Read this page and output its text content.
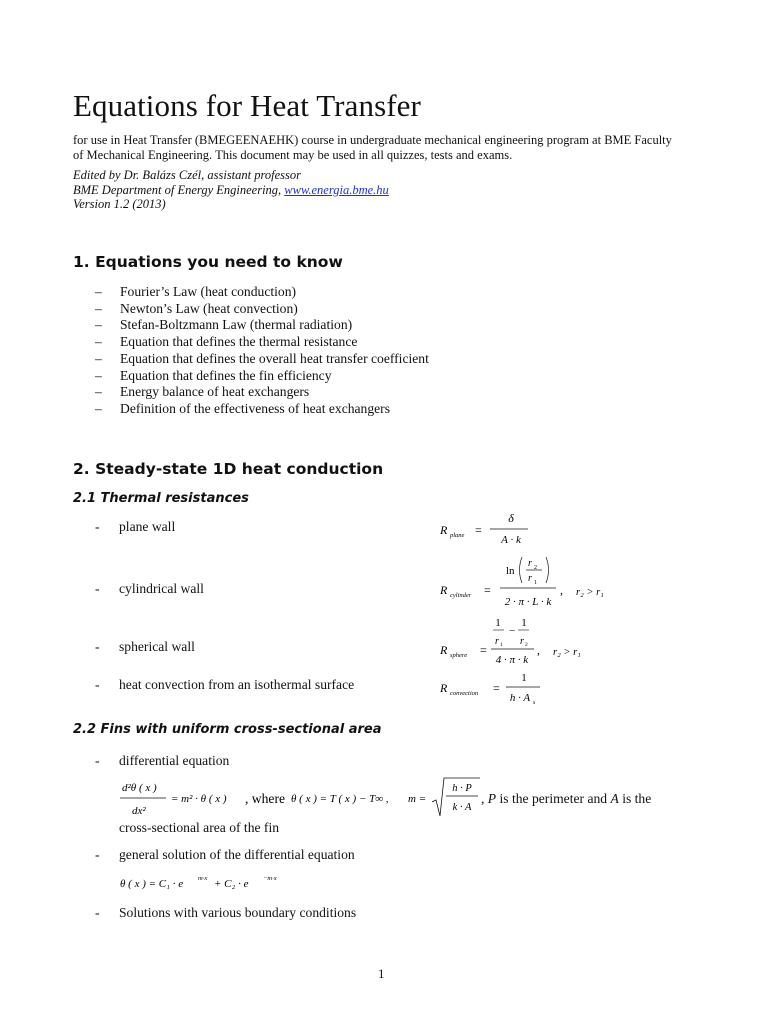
Equations for Heat Transfer
for use in Heat Transfer (BMEGEENAEHK) course in undergraduate mechanical engineering program at BME Faculty
of Mechanical Engineering. This document may be used in all quizzes, tests and exams.
Edited by Dr. Balázs Czél, assistant professor
BME Department of Energy Engineering, www.energia.bme.hu
Version 1.2 (2013)
1. Equations you need to know
– Fourier’s Law (heat conduction)
– Newton’s Law (heat convection)
– Stefan-Boltzmann Law (thermal radiation)
– Equation that defines the thermal resistance
– Equation that defines the overall heat transfer coefficient
– Equation that defines the fin efficiency
– Energy balance of heat exchangers
– Definition of the effectiveness of heat exchangers
2. Steady-state 1D heat conduction
2.1 Thermal resistances
- plane wall
- cylindrical wall
- spherical wall
- heat convection from an isothermal surface
R plane =
δ
A · k
R cylinder =
ln
r 2
r 1
2 · π · L · k
, r₂ > r₁
R sphere =
1
r 1
−
1
r 2
4 · π · k
, r₂ > r₁
R convection =
1
h · A s
2.2 Fins with uniform cross-sectional area
- differential equation
d²θ ( x )
dx²
= m² · θ ( x ) , where θ ( x ) = T ( x ) − T∞ , m =
h · P
k · A
, P is the perimeter and A is the
cross-sectional area of the fin
- general solution of the differential equation
θ ( x ) = C₁ · e m·x + C₂ · e −m·x
- Solutions with various boundary conditions
1
